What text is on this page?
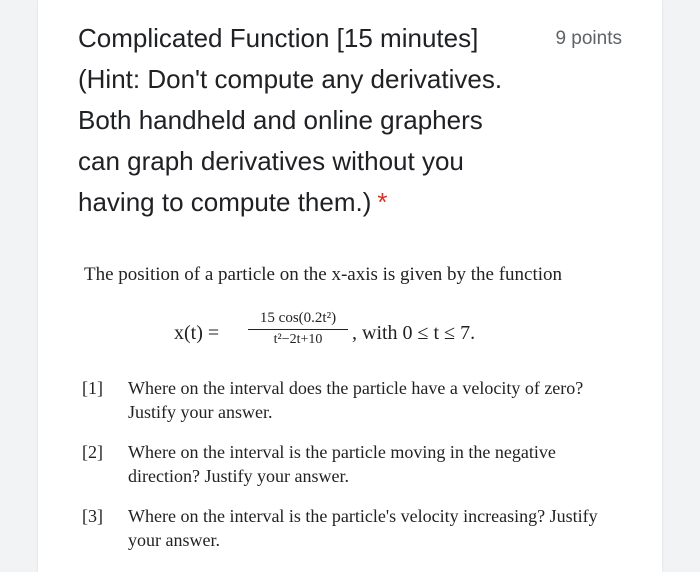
Complicated Function [15 minutes] (Hint: Don't compute any derivatives. Both handheld and online graphers can graph derivatives without you having to compute them.) *
9 points
The position of a particle on the x-axis is given by the function
x(t) =
15 cos(0.2t²)
t²−2t+10	, with 0 ≤ t ≤ 7.
[1] Where on the interval does the particle have a velocity of zero? Justify your answer.
[2] Where on the interval is the particle moving in the negative direction? Justify your answer.
[3] Where on the interval is the particle's velocity increasing? Justify your answer.
